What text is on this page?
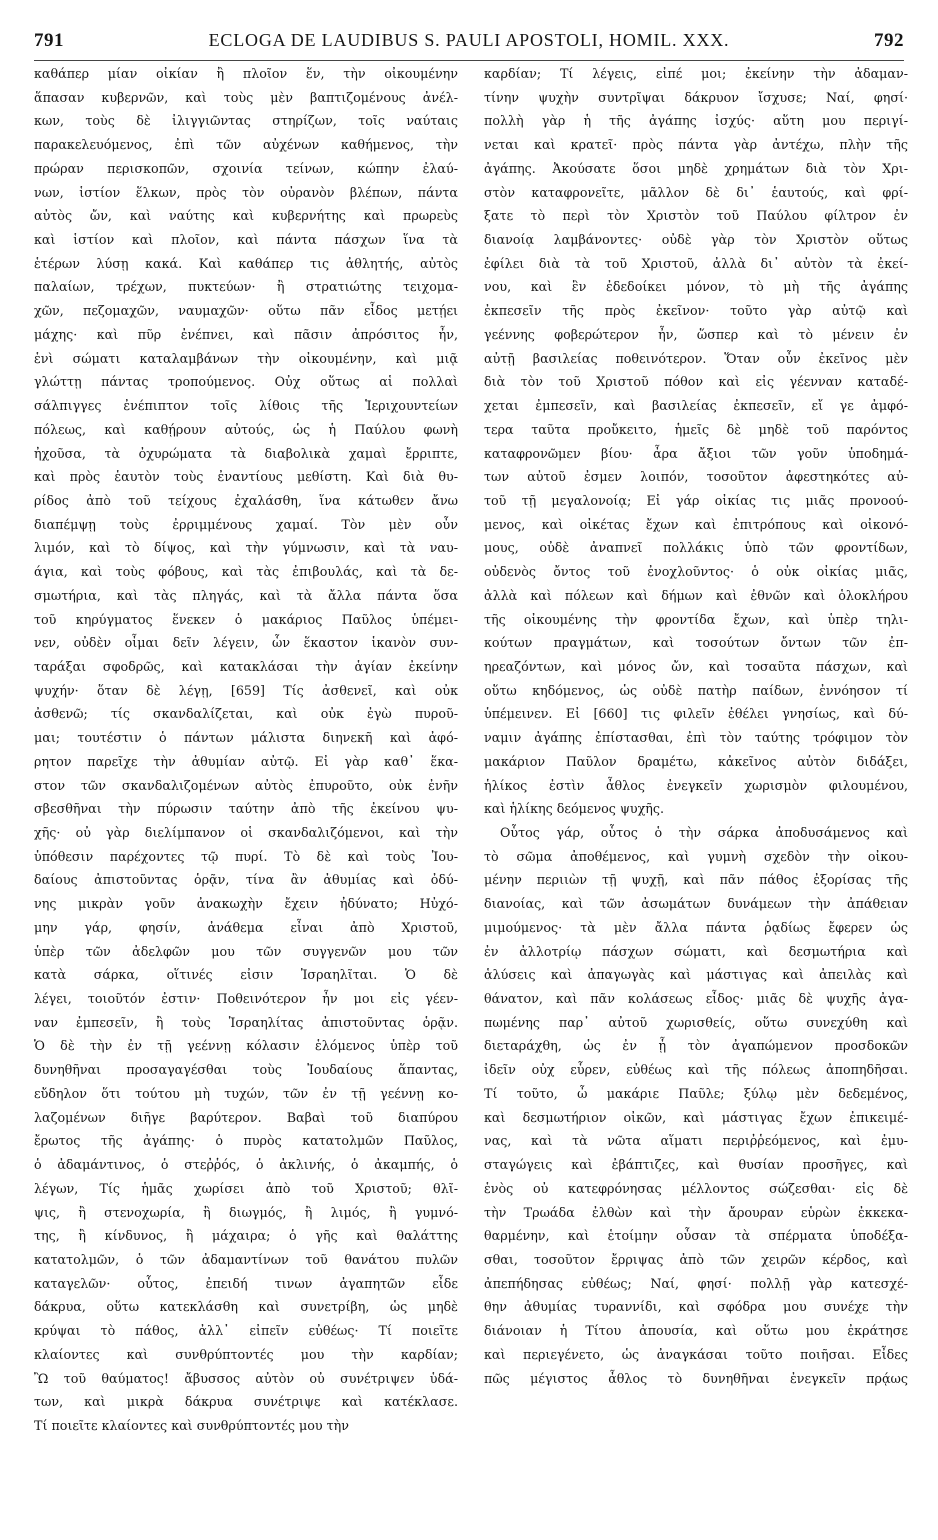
791	ECLOGA DE LAUDIBUS S. PAULI APOSTOLI, HOMIL. XXX.	792
καθάπερ μίαν οἰκίαν ἢ πλοῖον ἕν, τὴν οἰκουμένην
ἅπασαν κυβερνῶν, καὶ τοὺς μὲν βαπτιζομένους ἀνέλ-
κων, τοὺς δὲ ἰλιγγιῶντας στηρίζων, τοῖς ναύταις
παρακελευόμενος, ἐπὶ τῶν αὐχένων καθήμενος, τὴν
πρώραν περισκοπῶν, σχοινία τείνων, κώπην ἐλαύ-
νων, ἱστίον ἕλκων, πρὸς τὸν οὐρανὸν βλέπων, πάντα
αὐτὸς ὤν, καὶ ναύτης καὶ κυβερνήτης καὶ πρωρεὺς
καὶ ἱστίον καὶ πλοῖον, καὶ πάντα πάσχων ἵνα τὰ
ἑτέρων λύσῃ κακά. Καὶ καθάπερ τις ἀθλητής, αὐτὸς
παλαίων, τρέχων, πυκτεύων· ἢ στρατιώτης τειχομα-
χῶν, πεζομαχῶν, ναυμαχῶν· οὕτω πᾶν εἶδος μετῄει
μάχης· καὶ πῦρ ἐνέπνει, καὶ πᾶσιν ἀπρόσιτος ἦν,
ἑνὶ σώματι καταλαμβάνων τὴν οἰκουμένην, καὶ μιᾷ
γλώττῃ πάντας τροπούμενος. Οὐχ οὕτως αἱ πολλαὶ
σάλπιγγες ἐνέπιπτον τοῖς λίθοις τῆς Ἱεριχουντείων
πόλεως, καὶ καθῄρουν αὐτούς, ὡς ἡ Παύλου φωνὴ
ἠχοῦσα, τὰ ὀχυρώματα τὰ διαβολικὰ χαμαὶ ἔρριπτε,
καὶ πρὸς ἑαυτὸν τοὺς ἐναντίους μεθίστη. Καὶ διὰ θυ-
ρίδος ἀπὸ τοῦ τείχους ἐχαλάσθη, ἵνα κάτωθεν ἄνω
διαπέμψῃ τοὺς ἐρριμμένους χαμαί. Τὸν μὲν οὖν
λιμόν, καὶ τὸ δίψος, καὶ τὴν γύμνωσιν, καὶ τὰ ναυ-
άγια, καὶ τοὺς φόβους, καὶ τὰς ἐπιβουλάς, καὶ τὰ δε-
σμωτήρια, καὶ τὰς πληγάς, καὶ τὰ ἄλλα πάντα ὅσα
τοῦ κηρύγματος ἕνεκεν ὁ μακάριος Παῦλος ὑπέμει-
νεν, οὐδὲν οἶμαι δεῖν λέγειν, ὧν ἕκαστον ἱκανὸν συν-
ταράξαι σφοδρῶς, καὶ κατακλάσαι τὴν ἁγίαν ἐκείνην
ψυχήν· ὅταν δὲ λέγῃ, [659] Τίς ἀσθενεῖ, καὶ οὐκ
ἀσθενῶ; τίς σκανδαλίζεται, καὶ οὐκ ἐγὼ πυροῦ-
μαι; τουτέστιν ὁ πάντων μάλιστα διηνεκῆ καὶ ἀφό-
ρητον παρεῖχε τὴν ἀθυμίαν αὐτῷ. Εἰ γὰρ καθ᾽ ἕκα-
στον τῶν σκανδαλιζομένων αὐτὸς ἐπυροῦτο, οὐκ ἐνῆν
σβεσθῆναι τὴν πύρωσιν ταύτην ἀπὸ τῆς ἐκείνου ψυ-
χῆς· οὐ γὰρ διελίμπανον οἱ σκανδαλιζόμενοι, καὶ τὴν
ὑπόθεσιν παρέχοντες τῷ πυρί. Τὸ δὲ καὶ τοὺς Ἰου-
δαίους ἀπιστοῦντας ὁρᾷν, τίνα ἂν ἀθυμίας καὶ ὀδύ-
νης μικρὰν γοῦν ἀνακωχὴν ἔχειν ἠδύνατο; Ηὐχό-
μην γάρ, φησίν, ἀνάθεμα εἶναι ἀπὸ Χριστοῦ,
ὑπὲρ τῶν ἀδελφῶν μου τῶν συγγενῶν μου τῶν
κατὰ σάρκα, οἵτινές εἰσιν Ἰσραηλῖται. Ὁ δὲ
λέγει, τοιοῦτόν ἐστιν· Ποθεινότερον ἦν μοι εἰς γέεν-
ναν ἐμπεσεῖν, ἢ τοὺς Ἰσραηλίτας ἀπιστοῦντας ὁρᾷν.
Ὁ δὲ τὴν ἐν τῇ γεέννῃ κόλασιν ἑλόμενος ὑπὲρ τοῦ
δυνηθῆναι προσαγαγέσθαι τοὺς Ἰουδαίους ἅπαντας,
εὔδηλον ὅτι τούτου μὴ τυχών, τῶν ἐν τῇ γεέννῃ κο-
λαζομένων διῆγε βαρύτερον. Βαβαὶ τοῦ διαπύρου
ἔρωτος τῆς ἀγάπης· ὁ πυρὸς κατατολμῶν Παῦλος,
ὁ ἀδαμάντινος, ὁ στεῤῥός, ὁ ἀκλινής, ὁ ἀκαμπής, ὁ
λέγων, Τίς ἡμᾶς χωρίσει ἀπὸ τοῦ Χριστοῦ; θλῖ-
ψις, ἢ στενοχωρία, ἢ διωγμός, ἢ λιμός, ἢ γυμνό-
της, ἢ κίνδυνος, ἢ μάχαιρα; ὁ γῆς καὶ θαλάττης
κατατολμῶν, ὁ τῶν ἀδαμαντίνων τοῦ θανάτου πυλῶν
καταγελῶν· οὗτος, ἐπειδή τινων ἀγαπητῶν εἶδε
δάκρυα, οὕτω κατεκλάσθη καὶ συνετρίβη, ὡς μηδὲ
κρύψαι τὸ πάθος, ἀλλ᾽ εἰπεῖν εὐθέως· Τί ποιεῖτε
κλαίοντες καὶ συνθρύπτοντές μου τὴν καρδίαν;
Ὢ τοῦ θαύματος! ἄβυσσος αὐτὸν οὐ συνέτριψεν ὑδά-
των, καὶ μικρὰ δάκρυα συνέτριψε καὶ κατέκλασε.
Τί ποιεῖτε κλαίοντες καὶ συνθρύπτοντές μου τὴν
καρδίαν; Τί λέγεις, εἰπέ μοι; ἐκείνην τὴν ἀδαμαν-
τίνην ψυχὴν συντρῖψαι δάκρυον ἴσχυσε; Ναί, φησί·
πολλὴ γὰρ ἡ τῆς ἀγάπης ἰσχύς· αὕτη μου περιγί-
νεται καὶ κρατεῖ· πρὸς πάντα γὰρ ἀντέχω, πλὴν τῆς
ἀγάπης. Ἀκούσατε ὅσοι μηδὲ χρημάτων διὰ τὸν Χρι-
στὸν καταφρονεῖτε, μᾶλλον δὲ δι᾽ ἑαυτούς, καὶ φρί-
ξατε τὸ περὶ τὸν Χριστὸν τοῦ Παύλου φίλτρον ἐν
διανοίᾳ λαμβάνοντες· οὐδὲ γὰρ τὸν Χριστὸν οὕτως
ἐφίλει διὰ τὰ τοῦ Χριστοῦ, ἀλλὰ δι᾽ αὐτὸν τὰ ἐκεί-
νου, καὶ ἓν ἐδεδοίκει μόνον, τὸ μὴ τῆς ἀγάπης
ἐκπεσεῖν τῆς πρὸς ἐκεῖνον· τοῦτο γὰρ αὐτῷ καὶ
γεέννης φοβερώτερον ἦν, ὥσπερ καὶ τὸ μένειν ἐν
αὐτῇ βασιλείας ποθεινότερον. Ὅταν οὖν ἐκεῖνος μὲν
διὰ τὸν τοῦ Χριστοῦ πόθον καὶ εἰς γέενναν καταδέ-
χεται ἐμπεσεῖν, καὶ βασιλείας ἐκπεσεῖν, εἴ γε ἀμφό-
τερα ταῦτα προὔκειτο, ἡμεῖς δὲ μηδὲ τοῦ παρόντος
καταφρονῶμεν βίου· ἆρα ἄξιοι τῶν γοῦν ὑποδημά-
των αὐτοῦ ἐσμεν λοιπόν, τοσοῦτον ἀφεστηκότες αὐ-
τοῦ τῇ μεγαλονοίᾳ; Εἰ γάρ οἰκίας τις μιᾶς προνοού-
μενος, καὶ οἰκέτας ἔχων καὶ ἐπιτρόπους καὶ οἰκονό-
μους, οὐδὲ ἀναπνεῖ πολλάκις ὑπὸ τῶν φροντίδων,
οὐδενὸς ὄντος τοῦ ἐνοχλοῦντος· ὁ οὐκ οἰκίας μιᾶς,
ἀλλὰ καὶ πόλεων καὶ δήμων καὶ ἐθνῶν καὶ ὁλοκλήρου
τῆς οἰκουμένης τὴν φροντίδα ἔχων, καὶ ὑπὲρ τηλι-
κούτων πραγμάτων, καὶ τοσούτων ὄντων τῶν ἐπ-
ηρεαζόντων, καὶ μόνος ὤν, καὶ τοσαῦτα πάσχων, καὶ
οὕτω κηδόμενος, ὡς οὐδὲ πατὴρ παίδων, ἐννόησον τί
ὑπέμεινεν. Εἰ [660] τις φιλεῖν ἐθέλει γνησίως, καὶ δύ-
ναμιν ἀγάπης ἐπίστασθαι, ἐπὶ τὸν ταύτης τρόφιμον τὸν
μακάριον Παῦλον δραμέτω, κἀκεῖνος αὐτὸν διδάξει,
ἡλίκος ἐστὶν ἆθλος ἐνεγκεῖν χωρισμὸν φιλουμένου,
καὶ ἡλίκης δεόμενος ψυχῆς.
Οὗτος γάρ, οὗτος ὁ τὴν σάρκα ἀποδυσάμενος καὶ
τὸ σῶμα ἀποθέμενος, καὶ γυμνὴ σχεδὸν τὴν οἰκου-
μένην περιιὼν τῇ ψυχῇ, καὶ πᾶν πάθος ἐξορίσας τῆς
διανοίας, καὶ τῶν ἀσωμάτων δυνάμεων τὴν ἀπάθειαν
μιμούμενος· τὰ μὲν ἄλλα πάντα ῥᾳδίως ἔφερεν ὡς
ἐν ἀλλοτρίῳ πάσχων σώματι, καὶ δεσμωτήρια καὶ
ἁλύσεις καὶ ἀπαγωγὰς καὶ μάστιγας καὶ ἀπειλὰς καὶ
θάνατον, καὶ πᾶν κολάσεως εἶδος· μιᾶς δὲ ψυχῆς ἀγα-
πωμένης παρ᾽ αὐτοῦ χωρισθείς, οὕτω συνεχύθη καὶ
διεταράχθη, ὡς ἐν ᾗ τὸν ἀγαπώμενον προσδοκῶν
ἰδεῖν οὐχ εὗρεν, εὐθέως καὶ τῆς πόλεως ἀποπηδῆσαι.
Τί τοῦτο, ὦ μακάριε Παῦλε; ξύλῳ μὲν δεδεμένος,
καὶ δεσμωτήριον οἰκῶν, καὶ μάστιγας ἔχων ἐπικειμέ-
νας, καὶ τὰ νῶτα αἵματι περιῤῥεόμενος, καὶ ἐμυ-
σταγώγεις καὶ ἐβάπτιζες, καὶ θυσίαν προσῆγες, καὶ
ἑνὸς οὐ κατεφρόνησας μέλλοντος σώζεσθαι· εἰς δὲ
τὴν Τρωάδα ἐλθὼν καὶ τὴν ἄρουραν εὑρὼν ἐκκεκα-
θαρμένην, καὶ ἑτοίμην οὖσαν τὰ σπέρματα ὑποδέξα-
σθαι, τοσοῦτον ἔρριψας ἀπὸ τῶν χειρῶν κέρδος, καὶ
ἀπεπήδησας εὐθέως; Ναί, φησί· πολλῇ γὰρ κατεσχέ-
θην ἀθυμίας τυραννίδι, καὶ σφόδρα μου συνέχε τὴν
διάνοιαν ἡ Τίτου ἀπουσία, καὶ οὕτω μου ἐκράτησε
καὶ περιεγένετο, ὡς ἀναγκάσαι τοῦτο ποιῆσαι. Εἶδες
πῶς μέγιστος ἆθλος τὸ δυνηθῆναι ἐνεγκεῖν πρᾴως
